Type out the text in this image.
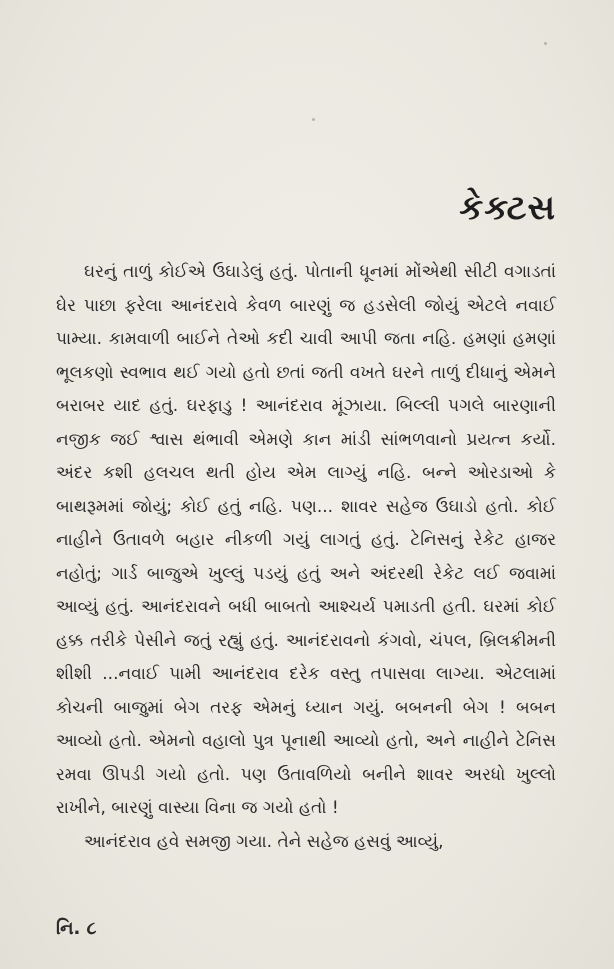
કેક્ટસ

ઘરનું તાળું કોઈએ ઉઘાડેલું હતું. પોતાની ધૂનમાં મોંએથી સીટી વગાડતાં ઘેર પાછા ફરેલા આનંદરાવે કેવળ બારણું જ હડસેલી જોયું એટલે નવાઈ પામ્યા. કામવાળી બાઈને તેઓ કદી ચાવી આપી જતા નહિ. હમણાં હમણાં ભૂલકણો સ્વભાવ થઈ ગયો હતો છતાં જતી વખતે ઘરને તાળું દીધાનું એમને બરાબર યાદ હતું. ઘરફાડુ ! આનંદરાવ મૂંઝાયા. બિલ્લી પગલે બારણાની નજીક જઈ શ્વાસ થંભાવી એમણે કાન માંડી સાંભળવાનો પ્રયત્ન કર્યો. અંદર કશી હલચલ થતી હોય એમ લાગ્યું નહિ. બન્ને ઓરડાઓ કે બાથરૂમમાં જોયું; કોઈ હતું નહિ. પણ... શાવર સહેજ ઉઘાડો હતો. કોઈ નાહીને ઉતાવળે બહાર નીકળી ગયું લાગતું હતું. ટેનિસનું રેકેટ હાજર નહોતું; ગાર્ડ બાજુએ ખુલ્લું પડયું હતું અને અંદરથી રેકેટ લઈ જવામાં આવ્યું હતું. આનંદરાવને બધી બાબતો આશ્ચર્ય પમાડતી હતી. ઘરમાં કોઈ હક્ક તરીકે પેસીને જતું રહ્યું હતું. આનંદરાવનો કંગવો, ચંપલ, બ્રિલક્રીમની શીશી ...નવાઈ પામી આનંદરાવ દરેક વસ્તુ તપાસવા લાગ્યા. એટલામાં કોચની બાજુમાં બેગ તરફ એમનું ધ્યાન ગયું. બબનની બેગ ! બબન આવ્યો હતો. એમનો વહાલો પુત્ર પૂનાથી આવ્યો હતો, અને નાહીને ટેનિસ રમવા ઊપડી ગયો હતો. પણ ઉતાવળિયો બનીને શાવર અરધો ખુલ્લો રાખીને, બારણું વાસ્યા વિના જ ગયો હતો !

આનંદરાવ હવે સમજી ગયા. તેને સહેજ હસવું આવ્યું,

નિ. ૮
